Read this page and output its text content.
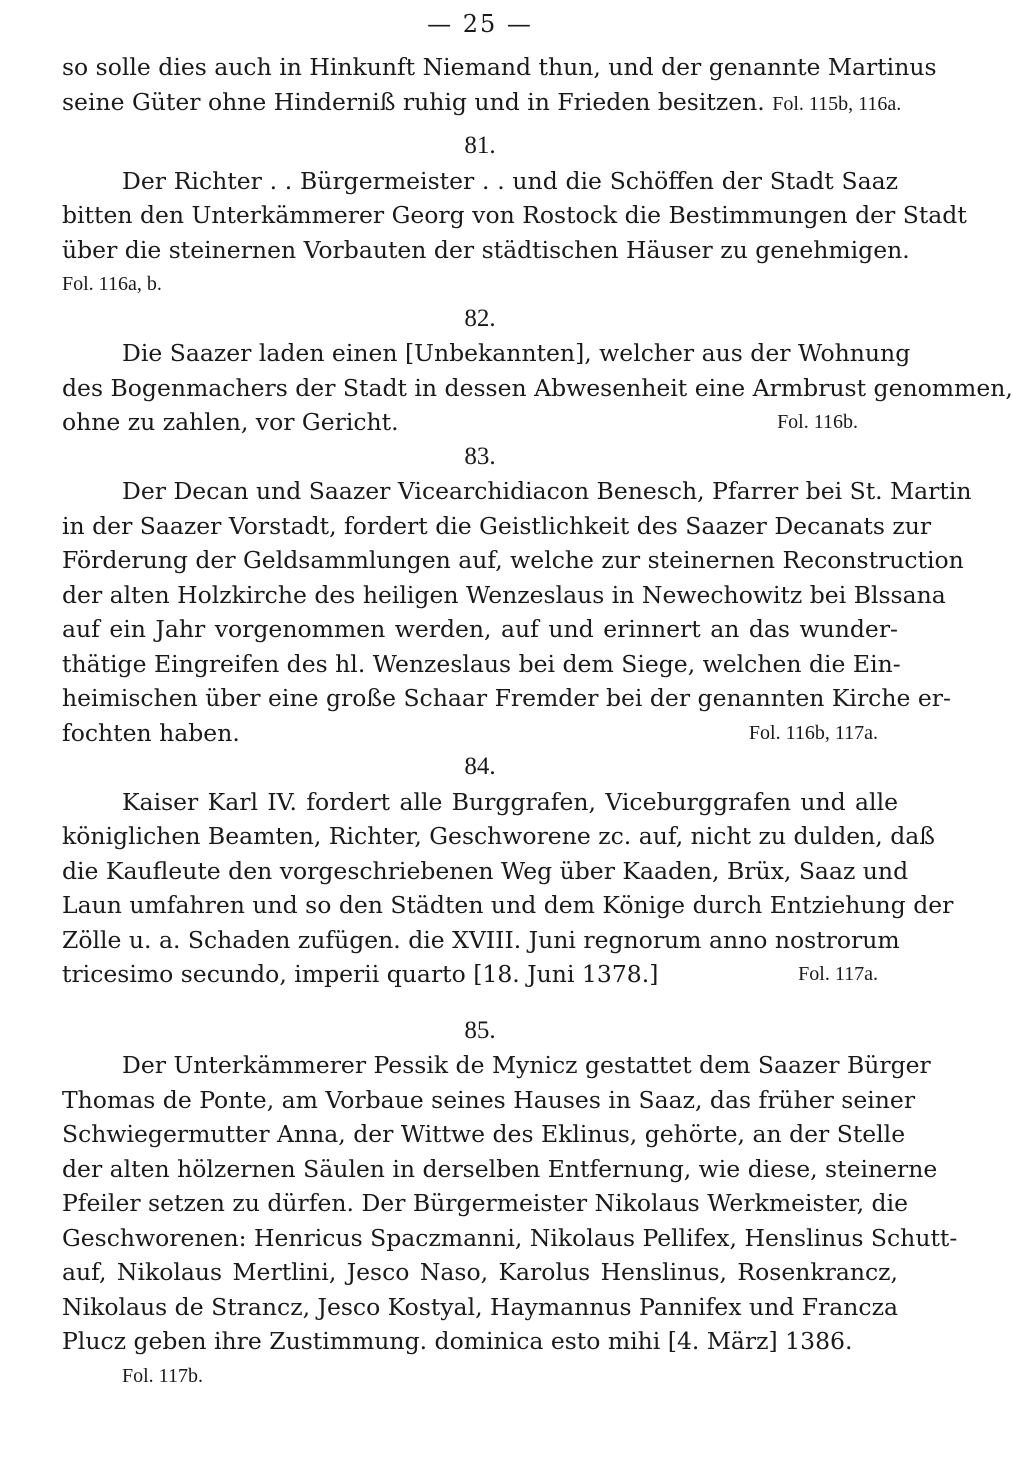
— 25 —
so solle dies auch in Hinkunft Niemand thun, und der genannte Martinus
seine Güter ohne Hinderniß ruhig und in Frieden besitzen. Fol. 115b, 116a.
81.
Der Richter . . Bürgermeister . . und die Schöffen der Stadt Saaz
bitten den Unterkämmerer Georg von Rostock die Bestimmungen der Stadt
über die steinernen Vorbauten der städtischen Häuser zu genehmigen.
Fol. 116a, b.
82.
Die Saazer laden einen [Unbekannten], welcher aus der Wohnung
des Bogenmachers der Stadt in dessen Abwesenheit eine Armbrust genommen,
ohne zu zahlen, vor Gericht.	Fol. 116b.
83.
Der Decan und Saazer Vicearchidiacon Benesch, Pfarrer bei St. Martin
in der Saazer Vorstadt, fordert die Geistlichkeit des Saazer Decanats zur
Förderung der Geldsammlungen auf, welche zur steinernen Reconstruction
der alten Holzkirche des heiligen Wenzeslaus in Newechowitz bei Blssana
auf ein Jahr vorgenommen werden, auf und erinnert an das wunder-
thätige Eingreifen des hl. Wenzeslaus bei dem Siege, welchen die Ein-
heimischen über eine große Schaar Fremder bei der genannten Kirche er-
fochten haben.	Fol. 116b, 117a.
84.
Kaiser Karl IV. fordert alle Burggrafen, Viceburggrafen und alle
königlichen Beamten, Richter, Geschworene zc. auf, nicht zu dulden, daß
die Kaufleute den vorgeschriebenen Weg über Kaaden, Brüx, Saaz und
Laun umfahren und so den Städten und dem Könige durch Entziehung der
Zölle u. a. Schaden zufügen. die XVIII. Juni regnorum anno nostrorum
tricesimo secundo, imperii quarto [18. Juni 1378.]	Fol. 117a.
85.
Der Unterkämmerer Pessik de Mynicz gestattet dem Saazer Bürger
Thomas de Ponte, am Vorbaue seines Hauses in Saaz, das früher seiner
Schwiegermutter Anna, der Wittwe des Eklinus, gehörte, an der Stelle
der alten hölzernen Säulen in derselben Entfernung, wie diese, steinerne
Pfeiler setzen zu dürfen. Der Bürgermeister Nikolaus Werkmeister, die
Geschworenen: Henricus Spaczmanni, Nikolaus Pellifex, Henslinus Schutt-
auf, Nikolaus Mertlini, Jesco Naso, Karolus Henslinus, Rosenkrancz,
Nikolaus de Strancz, Jesco Kostyal, Haymannus Pannifex und Francza
Plucz geben ihre Zustimmung. dominica esto mihi [4. März] 1386.
Fol. 117b.
